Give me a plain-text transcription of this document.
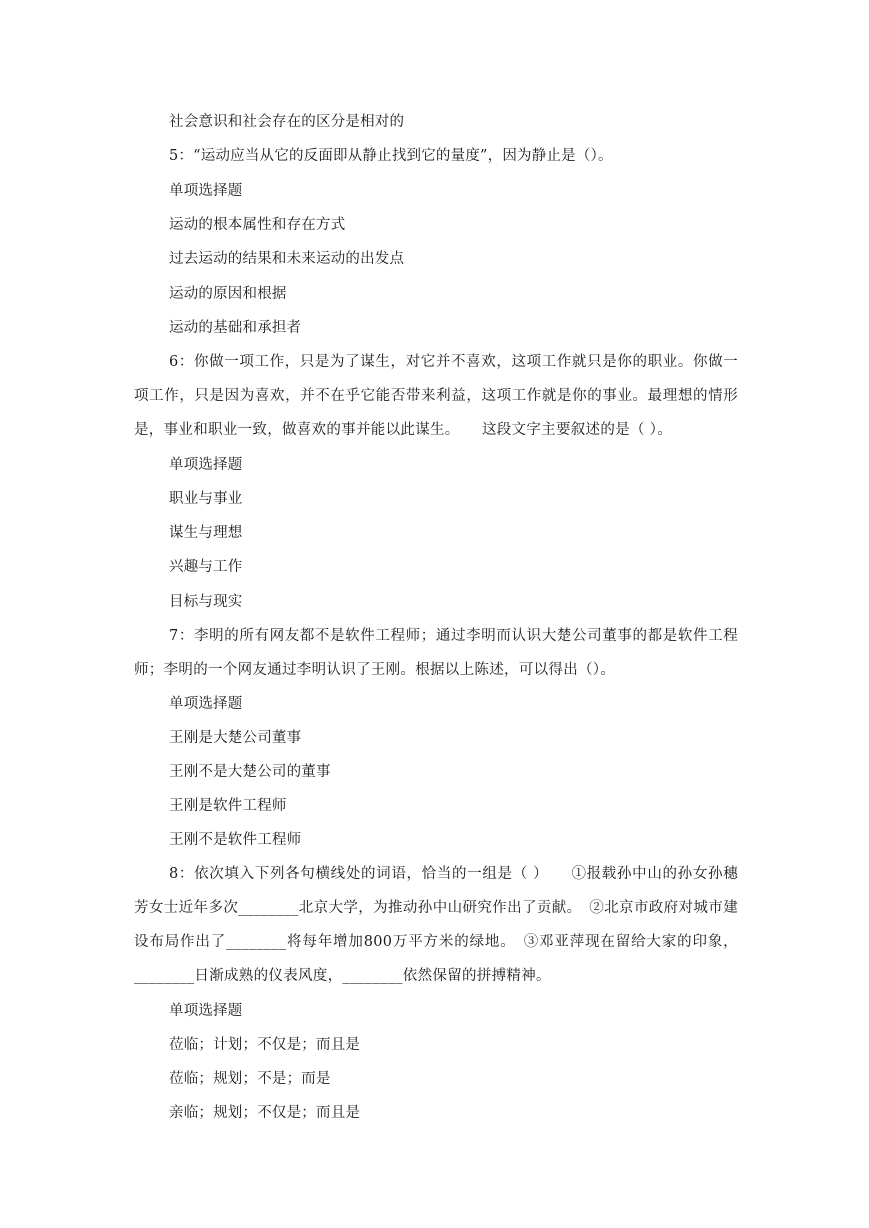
社会意识和社会存在的区分是相对的
5：“运动应当从它的反面即从静止找到它的量度”，因为静止是（）。
单项选择题
运动的根本属性和存在方式
过去运动的结果和未来运动的出发点
运动的原因和根据
运动的基础和承担者
6：你做一项工作，只是为了谋生，对它并不喜欢，这项工作就只是你的职业。你做一项工作，只是因为喜欢，并不在乎它能否带来利益，这项工作就是你的事业。最理想的情形是，事业和职业一致，做喜欢的事并能以此谋生。　　这段文字主要叙述的是（ ）。
单项选择题
职业与事业
谋生与理想
兴趣与工作
目标与现实
7：李明的所有网友都不是软件工程师；通过李明而认识大楚公司董事的都是软件工程师；李明的一个网友通过李明认识了王刚。根据以上陈述，可以得出（）。
单项选择题
王刚是大楚公司董事
王刚不是大楚公司的董事
王刚是软件工程师
王刚不是软件工程师
8：依次填入下列各句横线处的词语，恰当的一组是（ ）　　①报载孙中山的孙女孙穗芳女士近年多次________北京大学，为推动孙中山研究作出了贡献。　②北京市政府对城市建设布局作出了________将每年增加800万平方米的绿地。　③邓亚萍现在留给大家的印象，________日渐成熟的仪表风度，________依然保留的拼搏精神。
单项选择题
莅临；计划；不仅是；而且是
莅临；规划；不是；而是
亲临；规划；不仅是；而且是
